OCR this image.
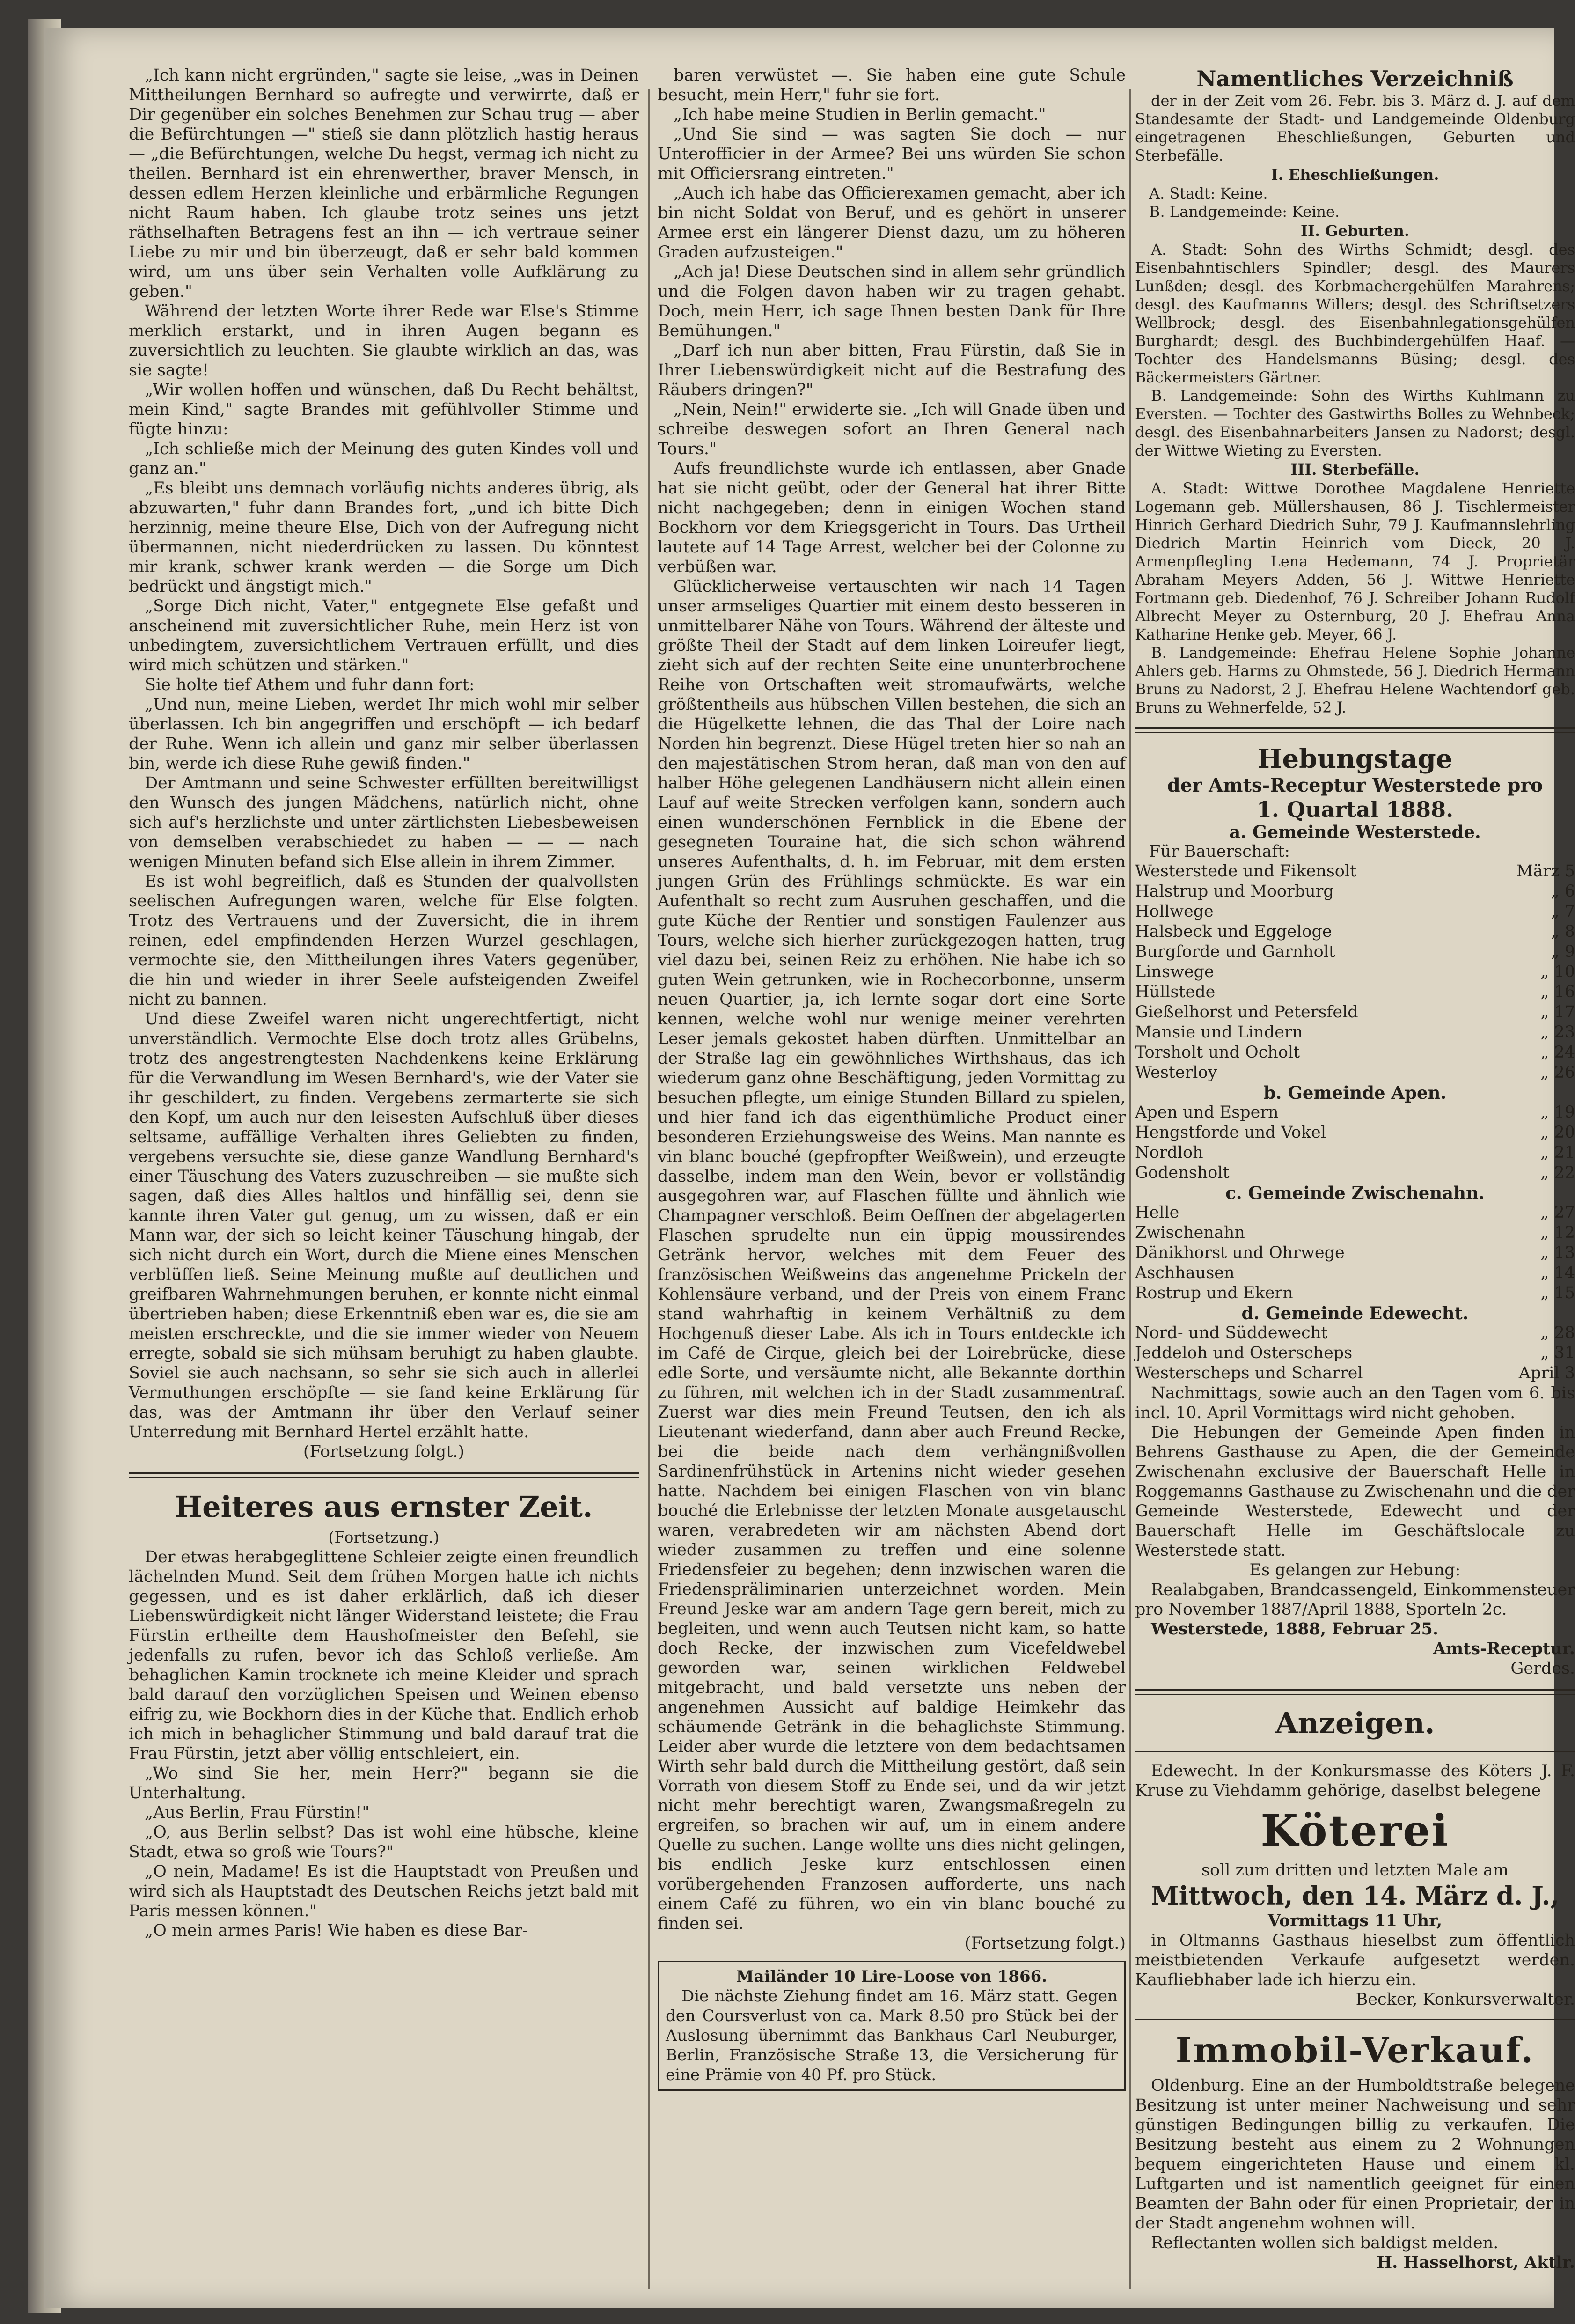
„Ich kann nicht ergründen," sagte sie leise, „was in Deinen Mittheilungen Bernhard so aufregte und verwirrte, daß er Dir gegenüber ein solches Benehmen zur Schau trug — aber die Befürchtungen —" stieß sie dann plötzlich hastig heraus — „die Befürchtungen, welche Du hegst, vermag ich nicht zu theilen. Bernhard ist ein ehrenwerther, braver Mensch, in dessen edlem Herzen kleinliche und erbärmliche Regungen nicht Raum haben. Ich glaube trotz seines uns jetzt räthselhaften Betragens fest an ihn — ich vertraue seiner Liebe zu mir und bin überzeugt, daß er sehr bald kommen wird, um uns über sein Verhalten volle Aufklärung zu geben."

Während der letzten Worte ihrer Rede war Else's Stimme merklich erstarkt, und in ihren Augen begann es zuversichtlich zu leuchten. Sie glaubte wirklich an das, was sie sagte!

„Wir wollen hoffen und wünschen, daß Du Recht behältst, mein Kind," sagte Brandes mit gefühlvoller Stimme und fügte hinzu:

„Ich schließe mich der Meinung des guten Kindes voll und ganz an."

„Es bleibt uns demnach vorläufig nichts anderes übrig, als abzuwarten," fuhr dann Brandes fort, „und ich bitte Dich herzinnig, meine theure Else, Dich von der Aufregung nicht übermannen, nicht niederdrücken zu lassen. Du könntest mir krank, schwer krank werden — die Sorge um Dich bedrückt und ängstigt mich."

„Sorge Dich nicht, Vater," entgegnete Else gefaßt und anscheinend mit zuversichtlicher Ruhe, mein Herz ist von unbedingtem, zuversichtlichem Vertrauen erfüllt, und dies wird mich schützen und stärken."

Sie holte tief Athem und fuhr dann fort:

„Und nun, meine Lieben, werdet Ihr mich wohl mir selber überlassen. Ich bin angegriffen und erschöpft — ich bedarf der Ruhe. Wenn ich allein und ganz mir selber überlassen bin, werde ich diese Ruhe gewiß finden."

Der Amtmann und seine Schwester erfüllten bereitwilligst den Wunsch des jungen Mädchens, natürlich nicht, ohne sich auf's herzlichste und unter zärtlichsten Liebesbeweisen von demselben verabschiedet zu haben — — — nach wenigen Minuten befand sich Else allein in ihrem Zimmer.

Es ist wohl begreiflich, daß es Stunden der qualvollsten seelischen Aufregungen waren, welche für Else folgten. Trotz des Vertrauens und der Zuversicht, die in ihrem reinen, edel empfindenden Herzen Wurzel geschlagen, vermochte sie, den Mittheilungen ihres Vaters gegenüber, die hin und wieder in ihrer Seele aufsteigenden Zweifel nicht zu bannen.

Und diese Zweifel waren nicht ungerechtfertigt, nicht unverständlich. Vermochte Else doch trotz alles Grübelns, trotz des angestrengtesten Nachdenkens keine Erklärung für die Verwandlung im Wesen Bernhard's, wie der Vater sie ihr geschildert, zu finden. Vergebens zermarterte sie sich den Kopf, um auch nur den leisesten Aufschluß über dieses seltsame, auffällige Verhalten ihres Geliebten zu finden, vergebens versuchte sie, diese ganze Wandlung Bernhard's einer Täuschung des Vaters zuzuschreiben — sie mußte sich sagen, daß dies Alles haltlos und hinfällig sei, denn sie kannte ihren Vater gut genug, um zu wissen, daß er ein Mann war, der sich so leicht keiner Täuschung hingab, der sich nicht durch ein Wort, durch die Miene eines Menschen verblüffen ließ. Seine Meinung mußte auf deutlichen und greifbaren Wahrnehmungen beruhen, er konnte nicht einmal übertrieben haben; diese Erkenntniß eben war es, die sie am meisten erschreckte, und die sie immer wieder von Neuem erregte, sobald sie sich mühsam beruhigt zu haben glaubte. Soviel sie auch nachsann, so sehr sie sich auch in allerlei Vermuthungen erschöpfte — sie fand keine Erklärung für das, was der Amtmann ihr über den Verlauf seiner Unterredung mit Bernhard Hertel erzählt hatte.

(Fortsetzung folgt.)

Heiteres aus ernster Zeit.
(Fortsetzung.)

Der etwas herabgeglittene Schleier zeigte einen freundlich lächelnden Mund. Seit dem frühen Morgen hatte ich nichts gegessen, und es ist daher erklärlich, daß ich dieser Liebenswürdigkeit nicht länger Widerstand leistete; die Frau Fürstin ertheilte dem Haushofmeister den Befehl, sie jedenfalls zu rufen, bevor ich das Schloß verließe. Am behaglichen Kamin trocknete ich meine Kleider und sprach bald darauf den vorzüglichen Speisen und Weinen ebenso eifrig zu, wie Bockhorn dies in der Küche that. Endlich erhob ich mich in behaglicher Stimmung und bald darauf trat die Frau Fürstin, jetzt aber völlig entschleiert, ein.

„Wo sind Sie her, mein Herr?" begann sie die Unterhaltung.

„Aus Berlin, Frau Fürstin!"

„O, aus Berlin selbst? Das ist wohl eine hübsche, kleine Stadt, etwa so groß wie Tours?"

„O nein, Madame! Es ist die Hauptstadt von Preußen und wird sich als Hauptstadt des Deutschen Reichs jetzt bald mit Paris messen können."

„O mein armes Paris! Wie haben es diese Bar-

baren verwüstet —. Sie haben eine gute Schule besucht, mein Herr," fuhr sie fort.

„Ich habe meine Studien in Berlin gemacht."

„Und Sie sind — was sagten Sie doch — nur Unterofficier in der Armee? Bei uns würden Sie schon mit Officiersrang eintreten."

„Auch ich habe das Officierexamen gemacht, aber ich bin nicht Soldat von Beruf, und es gehört in unserer Armee erst ein längerer Dienst dazu, um zu höheren Graden aufzusteigen."

„Ach ja! Diese Deutschen sind in allem sehr gründlich und die Folgen davon haben wir zu tragen gehabt. Doch, mein Herr, ich sage Ihnen besten Dank für Ihre Bemühungen."

„Darf ich nun aber bitten, Frau Fürstin, daß Sie in Ihrer Liebenswürdigkeit nicht auf die Bestrafung des Räubers dringen?"

„Nein, Nein!" erwiderte sie. „Ich will Gnade üben und schreibe deswegen sofort an Ihren General nach Tours."

Aufs freundlichste wurde ich entlassen, aber Gnade hat sie nicht geübt, oder der General hat ihrer Bitte nicht nachgegeben; denn in einigen Wochen stand Bockhorn vor dem Kriegsgericht in Tours. Das Urtheil lautete auf 14 Tage Arrest, welcher bei der Colonne zu verbüßen war.

Glücklicherweise vertauschten wir nach 14 Tagen unser armseliges Quartier mit einem desto besseren in unmittelbarer Nähe von Tours. Während der älteste und größte Theil der Stadt auf dem linken Loireufer liegt, zieht sich auf der rechten Seite eine ununterbrochene Reihe von Ortschaften weit stromaufwärts, welche größtentheils aus hübschen Villen bestehen, die sich an die Hügelkette lehnen, die das Thal der Loire nach Norden hin begrenzt. Diese Hügel treten hier so nah an den majestätischen Strom heran, daß man von den auf halber Höhe gelegenen Landhäusern nicht allein einen Lauf auf weite Strecken verfolgen kann, sondern auch einen wunderschönen Fernblick in die Ebene der gesegneten Touraine hat, die sich schon während unseres Aufenthalts, d. h. im Februar, mit dem ersten jungen Grün des Frühlings schmückte. Es war ein Aufenthalt so recht zum Ausruhen geschaffen, und die gute Küche der Rentier und sonstigen Faulenzer aus Tours, welche sich hierher zurückgezogen hatten, trug viel dazu bei, seinen Reiz zu erhöhen. Nie habe ich so guten Wein getrunken, wie in Rochecorbonne, unserm neuen Quartier, ja, ich lernte sogar dort eine Sorte kennen, welche wohl nur wenige meiner verehrten Leser jemals gekostet haben dürften. Unmittelbar an der Straße lag ein gewöhnliches Wirthshaus, das ich wiederum ganz ohne Beschäftigung, jeden Vormittag zu besuchen pflegte, um einige Stunden Billard zu spielen, und hier fand ich das eigenthümliche Product einer besonderen Erziehungsweise des Weins. Man nannte es vin blanc bouché (gepfropfter Weißwein), und erzeugte dasselbe, indem man den Wein, bevor er vollständig ausgegohren war, auf Flaschen füllte und ähnlich wie Champagner verschloß. Beim Oeffnen der abgelagerten Flaschen sprudelte nun ein üppig moussirendes Getränk hervor, welches mit dem Feuer des französischen Weißweins das angenehme Prickeln der Kohlensäure verband, und der Preis von einem Franc stand wahrhaftig in keinem Verhältniß zu dem Hochgenuß dieser Labe. Als ich in Tours entdeckte ich im Café de Cirque, gleich bei der Loirebrücke, diese edle Sorte, und versäumte nicht, alle Bekannte dorthin zu führen, mit welchen ich in der Stadt zusammentraf. Zuerst war dies mein Freund Teutsen, den ich als Lieutenant wiederfand, dann aber auch Freund Recke, bei die beide nach dem verhängnißvollen Sardinenfrühstück in Artenins nicht wieder gesehen hatte. Nachdem bei einigen Flaschen von vin blanc bouché die Erlebnisse der letzten Monate ausgetauscht waren, verabredeten wir am nächsten Abend dort wieder zusammen zu treffen und eine solenne Friedensfeier zu begehen; denn inzwischen waren die Friedenspräliminarien unterzeichnet worden. Mein Freund Jeske war am andern Tage gern bereit, mich zu begleiten, und wenn auch Teutsen nicht kam, so hatte doch Recke, der inzwischen zum Vicefeldwebel geworden war, seinen wirklichen Feldwebel mitgebracht, und bald versetzte uns neben der angenehmen Aussicht auf baldige Heimkehr das schäumende Getränk in die behaglichste Stimmung. Leider aber wurde die letztere von dem bedachtsamen Wirth sehr bald durch die Mittheilung gestört, daß sein Vorrath von diesem Stoff zu Ende sei, und da wir jetzt nicht mehr berechtigt waren, Zwangsmaßregeln zu ergreifen, so brachen wir auf, um in einem andere Quelle zu suchen. Lange wollte uns dies nicht gelingen, bis endlich Jeske kurz entschlossen einen vorübergehenden Franzosen aufforderte, uns nach einem Café zu führen, wo ein vin blanc bouché zu finden sei.

(Fortsetzung folgt.)

Mailänder 10 Lire-Loose von 1866.

Die nächste Ziehung findet am 16. März statt. Gegen den Coursverlust von ca. Mark 8.50 pro Stück bei der Auslosung übernimmt das Bankhaus Carl Neuburger, Berlin, Französische Straße 13, die Versicherung für eine Prämie von 40 Pf. pro Stück.

Namentliches Verzeichniß

der in der Zeit vom 26. Febr. bis 3. März d. J. auf dem Standesamte der Stadt- und Landgemeinde Oldenburg eingetragenen Eheschließungen, Geburten und Sterbefälle.

I. Eheschließungen.
A. Stadt: Keine.
B. Landgemeinde: Keine.
II. Geburten.

A. Stadt: Sohn des Wirths Schmidt; desgl. des Eisenbahntischlers Spindler; desgl. des Maurers Lunßden; desgl. des Korbmachergehülfen Marahrens; desgl. des Kaufmanns Willers; desgl. des Schriftsetzers Wellbrock; desgl. des Eisenbahnlegationsgehülfen Burghardt; desgl. des Buchbindergehülfen Haaf. — Tochter des Handelsmanns Büsing; desgl. des Bäckermeisters Gärtner.

B. Landgemeinde: Sohn des Wirths Kuhlmann zu Eversten. — Tochter des Gastwirths Bolles zu Wehnbeck; desgl. des Eisenbahnarbeiters Jansen zu Nadorst; desgl. der Wittwe Wieting zu Eversten.

III. Sterbefälle.

A. Stadt: Wittwe Dorothee Magdalene Henriette Logemann geb. Müllershausen, 86 J. Tischlermeister Hinrich Gerhard Diedrich Suhr, 79 J. Kaufmannslehrling Diedrich Martin Heinrich vom Dieck, 20 J. Armenpflegling Lena Hedemann, 74 J. Proprietär Abraham Meyers Adden, 56 J. Wittwe Henriette Fortmann geb. Diedenhof, 76 J. Schreiber Johann Rudolf Albrecht Meyer zu Osternburg, 20 J. Ehefrau Anna Katharine Henke geb. Meyer, 66 J.

B. Landgemeinde: Ehefrau Helene Sophie Johanne Ahlers geb. Harms zu Ohmstede, 56 J. Diedrich Hermann Bruns zu Nadorst, 2 J. Ehefrau Helene Wachtendorf geb. Bruns zu Wehnerfelde, 52 J.

Hebungstage
der Amts-Receptur Westerstede pro
1. Quartal 1888.
a. Gemeinde Westerstede.
Für Bauerschaft:
Westerstede und Fikensolt	März 5
Halstrup und Moorburg	„ 6
Hollwege	„ 7
Halsbeck und Eggeloge	„ 8
Burgforde und Garnholt	„ 9
Linswege	„ 10
Hüllstede	„ 16
Gießelhorst und Petersfeld	„ 17
Mansie und Lindern	„ 23
Torsholt und Ocholt	„ 24
Westerloy	„ 26
b. Gemeinde Apen.
Apen und Espern	„ 19
Hengstforde und Vokel	„ 20
Nordloh	„ 21
Godensholt	„ 22
c. Gemeinde Zwischenahn.
Helle	„ 27
Zwischenahn	„ 12
Dänikhorst und Ohrwege	„ 13
Aschhausen	„ 14
Rostrup und Ekern	„ 15
d. Gemeinde Edewecht.
Nord- und Süddewecht	„ 28
Jeddeloh und Osterscheps	„ 31
Westerscheps und Scharrel	April 3

Nachmittags, sowie auch an den Tagen vom 6. bis incl. 10. April Vormittags wird nicht gehoben.

Die Hebungen der Gemeinde Apen finden in Behrens Gasthause zu Apen, die der Gemeinde Zwischenahn exclusive der Bauerschaft Helle in Roggemanns Gasthause zu Zwischenahn und die der Gemeinde Westerstede, Edewecht und der Bauerschaft Helle im Geschäftslocale zu Westerstede statt.

Es gelangen zur Hebung:

Realabgaben, Brandcassengeld, Einkommensteuer pro November 1887/April 1888, Sporteln 2c.

Westerstede, 1888, Februar 25.

Amts-Receptur.
Gerdes.
Anzeigen.

Edewecht. In der Konkursmasse des Köters J. F. Kruse zu Viehdamm gehörige, daselbst belegene

Köterei
soll zum dritten und letzten Male am
Mittwoch, den 14. März d. J.,
Vormittags 11 Uhr,

in Oltmanns Gasthaus hieselbst zum öffentlich meistbietenden Verkaufe aufgesetzt werden. Kaufliebhaber lade ich hierzu ein.

Becker, Konkursverwalter.
Immobil-Verkauf.

Oldenburg. Eine an der Humboldtstraße belegene Besitzung ist unter meiner Nachweisung und sehr günstigen Bedingungen billig zu verkaufen. Die Besitzung besteht aus einem zu 2 Wohnungen bequem eingerichteten Hause und einem kl. Luftgarten und ist namentlich geeignet für einen Beamten der Bahn oder für einen Proprietair, der in der Stadt angenehm wohnen will.

Reflectanten wollen sich baldigst melden.

H. Hasselhorst, Aktlr.
